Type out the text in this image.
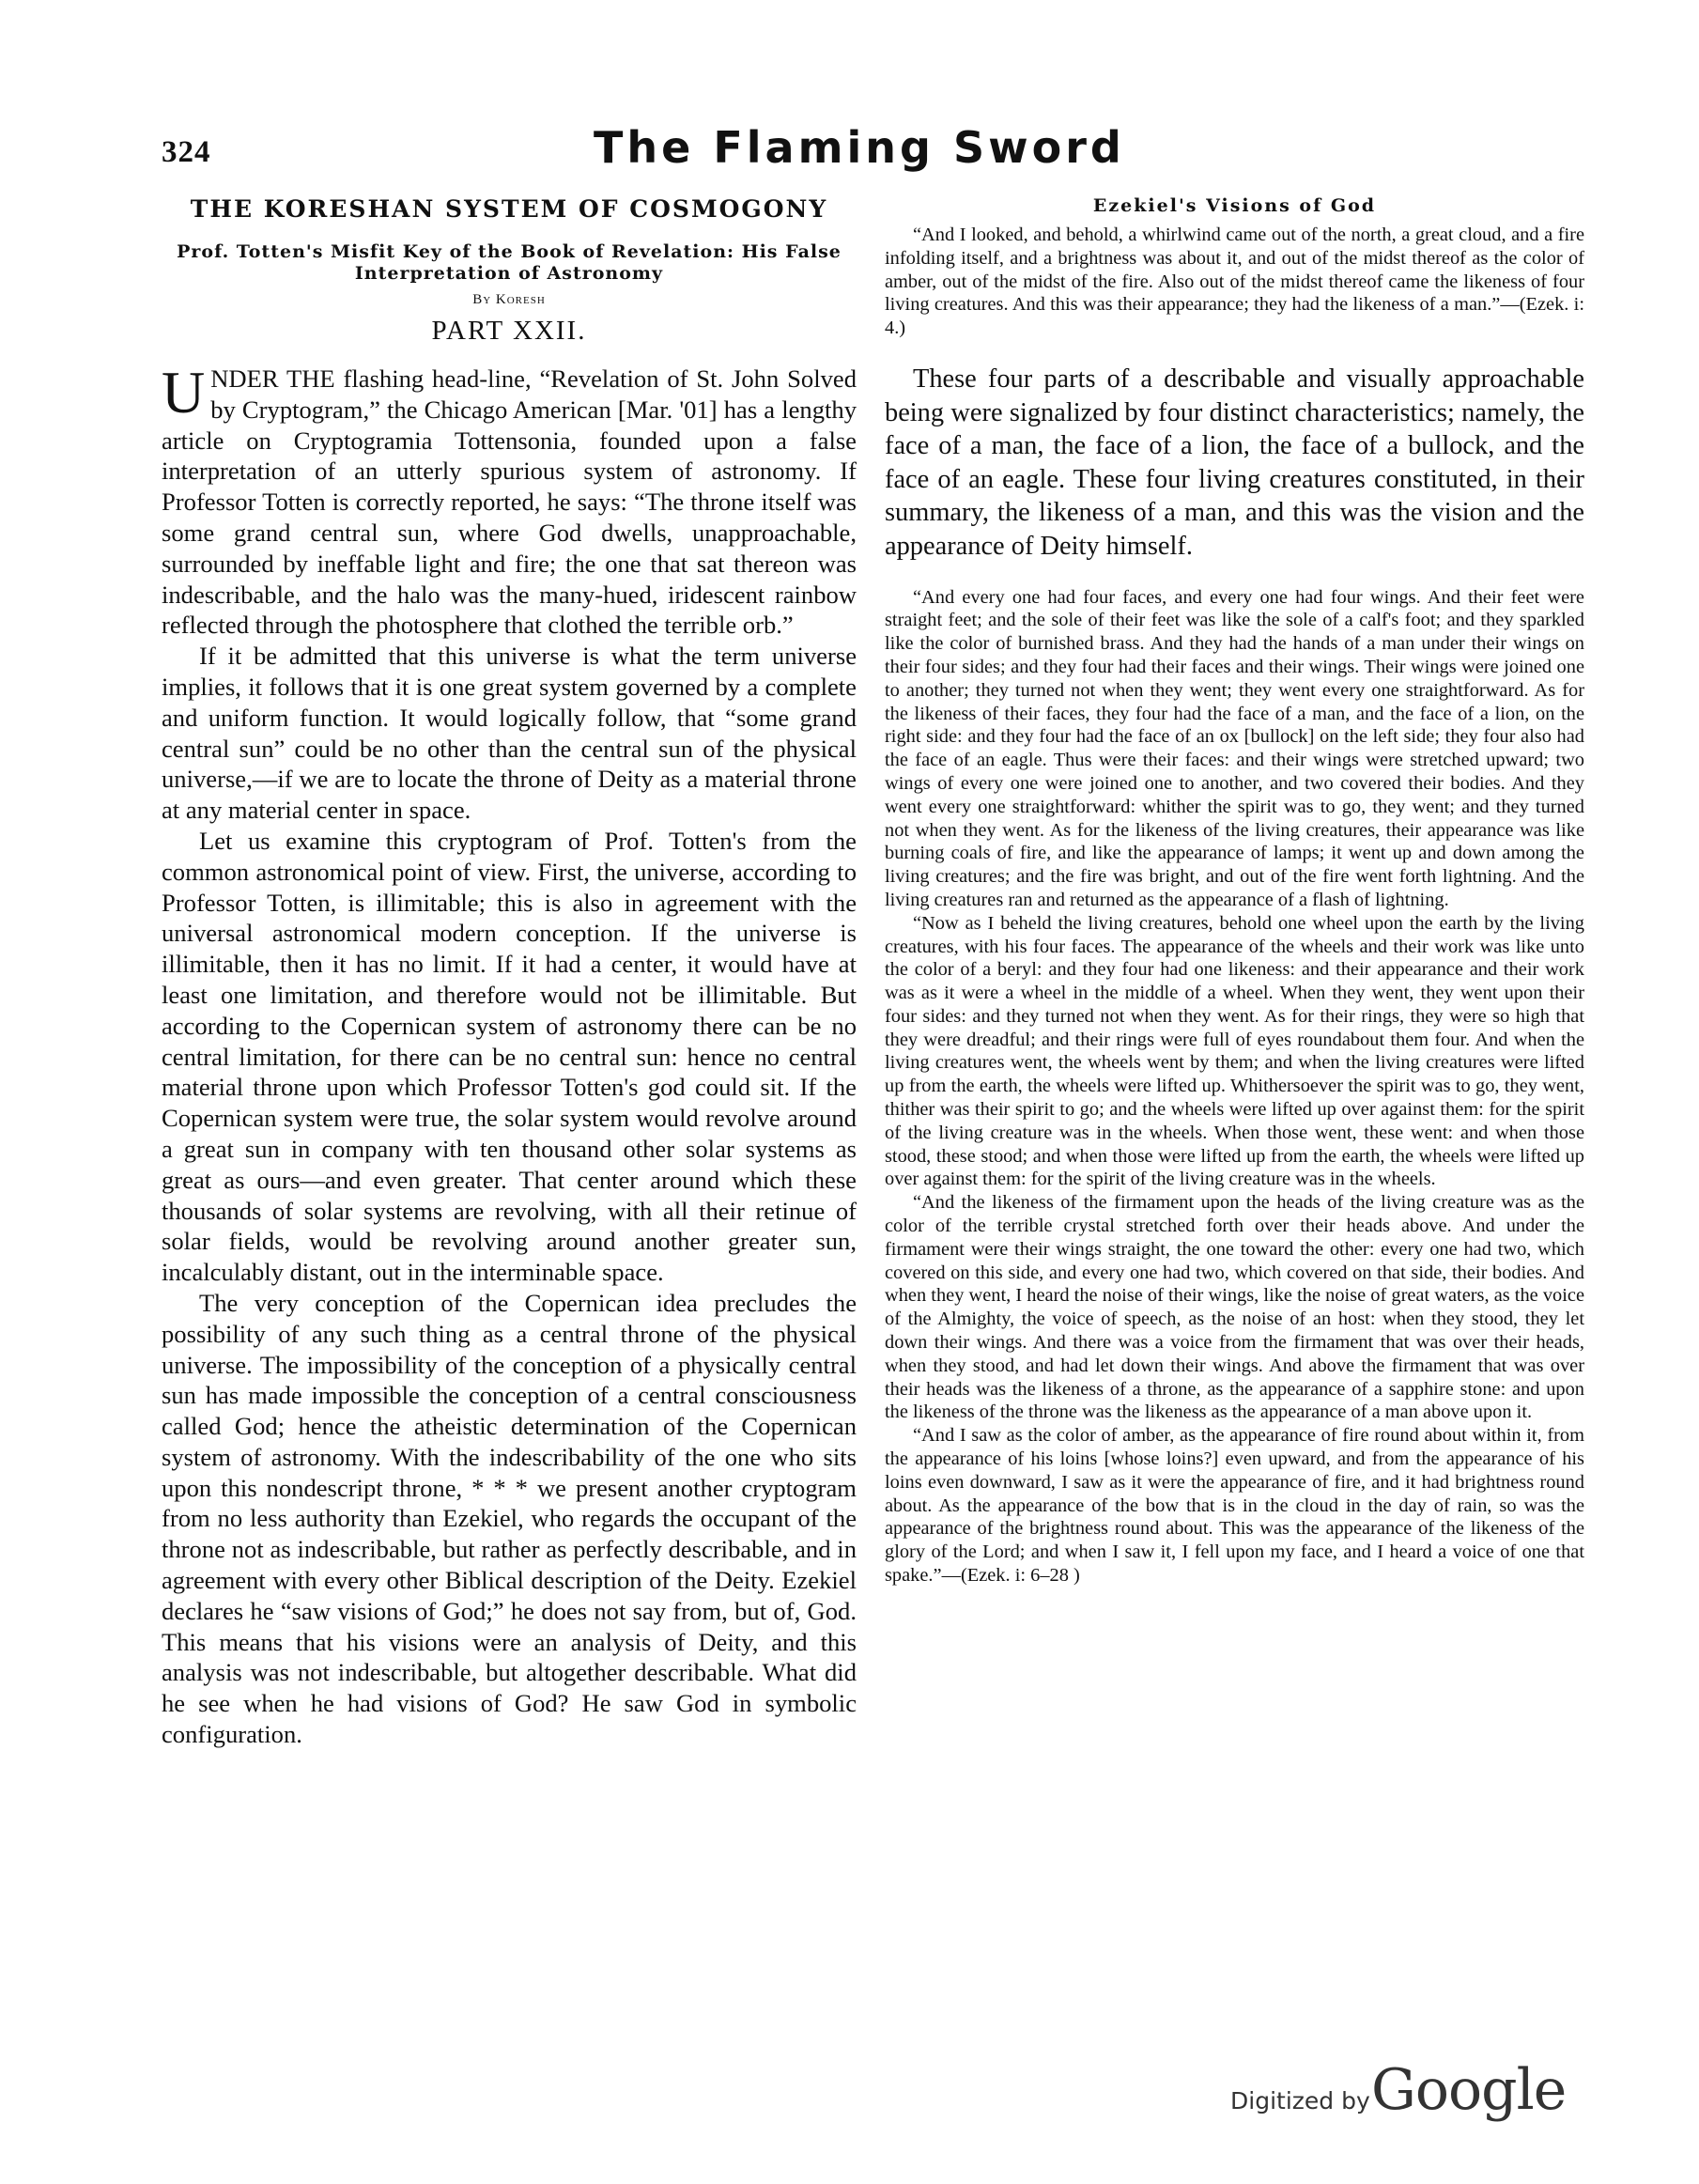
324	The Flaming Sword
THE KORESHAN SYSTEM OF COSMOGONY
Prof. Totten's Misfit Key of the Book of Revelation: His False Interpretation of Astronomy
By Koresh
PART XXII.

UNDER THE flashing head-line, “Revelation of St. John Solved by Cryptogram,” the Chicago American [Mar. '01] has a lengthy article on Cryptogramia Tottensonia, founded upon a false interpretation of an utterly spurious system of astronomy. If Professor Totten is correctly reported, he says: “The throne itself was some grand central sun, where God dwells, unapproachable, surrounded by ineffable light and fire; the one that sat thereon was indescribable, and the halo was the many-hued, iridescent rainbow reflected through the photosphere that clothed the terrible orb.”

If it be admitted that this universe is what the term universe implies, it follows that it is one great system governed by a complete and uniform function. It would logically follow, that “some grand central sun” could be no other than the central sun of the physical universe,—if we are to locate the throne of Deity as a material throne at any material center in space.

Let us examine this cryptogram of Prof. Totten's from the common astronomical point of view. First, the universe, according to Professor Totten, is illimitable; this is also in agreement with the universal astronomical modern conception. If the universe is illimitable, then it has no limit. If it had a center, it would have at least one limitation, and therefore would not be illimitable. But according to the Copernican system of astronomy there can be no central limitation, for there can be no central sun: hence no central material throne upon which Professor Totten's god could sit. If the Copernican system were true, the solar system would revolve around a great sun in company with ten thousand other solar systems as great as ours—and even greater. That center around which these thousands of solar systems are revolving, with all their retinue of solar fields, would be revolving around another greater sun, incalculably distant, out in the interminable space.

The very conception of the Copernican idea precludes the possibility of any such thing as a central throne of the physical universe. The impossibility of the conception of a physically central sun has made impossible the conception of a central consciousness called God; hence the atheistic determination of the Copernican system of astronomy. With the indescribability of the one who sits upon this nondescript throne, * * * we present another cryptogram from no less authority than Ezekiel, who regards the occupant of the throne not as indescribable, but rather as perfectly describable, and in agreement with every other Biblical description of the Deity. Ezekiel declares he “saw visions of God;” he does not say from, but of, God. This means that his visions were an analysis of Deity, and this analysis was not indescribable, but altogether describable. What did he see when he had visions of God? He saw God in symbolic configuration.

Ezekiel's Visions of God

“And I looked, and behold, a whirlwind came out of the north, a great cloud, and a fire infolding itself, and a brightness was about it, and out of the midst thereof as the color of amber, out of the midst of the fire. Also out of the midst thereof came the likeness of four living creatures. And this was their appearance; they had the likeness of a man.”—(Ezek. i: 4.)

These four parts of a describable and visually approachable being were signalized by four distinct characteristics; namely, the face of a man, the face of a lion, the face of a bullock, and the face of an eagle. These four living creatures constituted, in their summary, the likeness of a man, and this was the vision and the appearance of Deity himself.

“And every one had four faces, and every one had four wings. And their feet were straight feet; and the sole of their feet was like the sole of a calf's foot; and they sparkled like the color of burnished brass. And they had the hands of a man under their wings on their four sides; and they four had their faces and their wings. Their wings were joined one to another; they turned not when they went; they went every one straightforward. As for the likeness of their faces, they four had the face of a man, and the face of a lion, on the right side: and they four had the face of an ox [bullock] on the left side; they four also had the face of an eagle. Thus were their faces: and their wings were stretched upward; two wings of every one were joined one to another, and two covered their bodies. And they went every one straightforward: whither the spirit was to go, they went; and they turned not when they went. As for the likeness of the living creatures, their appearance was like burning coals of fire, and like the appearance of lamps; it went up and down among the living creatures; and the fire was bright, and out of the fire went forth lightning. And the living creatures ran and returned as the appearance of a flash of lightning.

“Now as I beheld the living creatures, behold one wheel upon the earth by the living creatures, with his four faces. The appearance of the wheels and their work was like unto the color of a beryl: and they four had one likeness: and their appearance and their work was as it were a wheel in the middle of a wheel. When they went, they went upon their four sides: and they turned not when they went. As for their rings, they were so high that they were dreadful; and their rings were full of eyes roundabout them four. And when the living creatures went, the wheels went by them; and when the living creatures were lifted up from the earth, the wheels were lifted up. Whithersoever the spirit was to go, they went, thither was their spirit to go; and the wheels were lifted up over against them: for the spirit of the living creature was in the wheels. When those went, these went: and when those stood, these stood; and when those were lifted up from the earth, the wheels were lifted up over against them: for the spirit of the living creature was in the wheels.

“And the likeness of the firmament upon the heads of the living creature was as the color of the terrible crystal stretched forth over their heads above. And under the firmament were their wings straight, the one toward the other: every one had two, which covered on this side, and every one had two, which covered on that side, their bodies. And when they went, I heard the noise of their wings, like the noise of great waters, as the voice of the Almighty, the voice of speech, as the noise of an host: when they stood, they let down their wings. And there was a voice from the firmament that was over their heads, when they stood, and had let down their wings. And above the firmament that was over their heads was the likeness of a throne, as the appearance of a sapphire stone: and upon the likeness of the throne was the likeness as the appearance of a man above upon it.

“And I saw as the color of amber, as the appearance of fire round about within it, from the appearance of his loins [whose loins?] even upward, and from the appearance of his loins even downward, I saw as it were the appearance of fire, and it had brightness round about. As the appearance of the bow that is in the cloud in the day of rain, so was the appearance of the brightness round about. This was the appearance of the likeness of the glory of the Lord; and when I saw it, I fell upon my face, and I heard a voice of one that spake.”—(Ezek. i: 6–28 )

Digitized by Google
